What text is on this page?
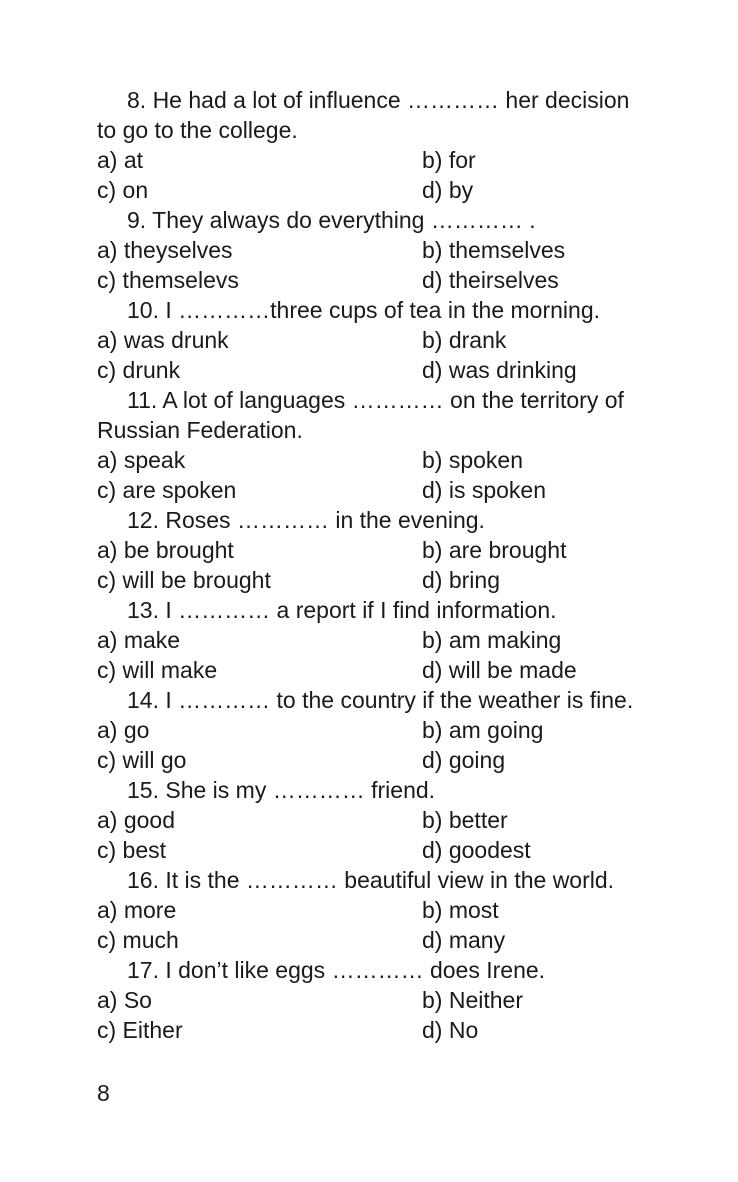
8. He had a lot of influence ………… her decision
to go to the college.
a) at	b) for
c) on	d) by
9. They always do everything ………… .
a) theyselves	b) themselves
c) themselevs	d) theirselves
10. I …………three cups of tea in the morning.
a) was drunk	b) drank
c) drunk	d) was drinking
11. A lot of languages ………… on the territory of
Russian Federation.
a) speak	b) spoken
c) are spoken	d) is spoken
12. Roses ………… in the evening.
a) be brought	b) are brought
c) will be brought	d) bring
13. I ………… a report if I find information.
a) make	b) am making
c) will make	d) will be made
14. I ………… to the country if the weather is fine.
a) go	b) am going
c) will go	d) going
15. She is my ………… friend.
a) good	b) better
c) best	d) goodest
16. It is the ………… beautiful view in the world.
a) more	b) most
c) much	d) many
17. I don’t like eggs ………… does Irene.
a) So	b) Neither
c) Either	d) No
8
